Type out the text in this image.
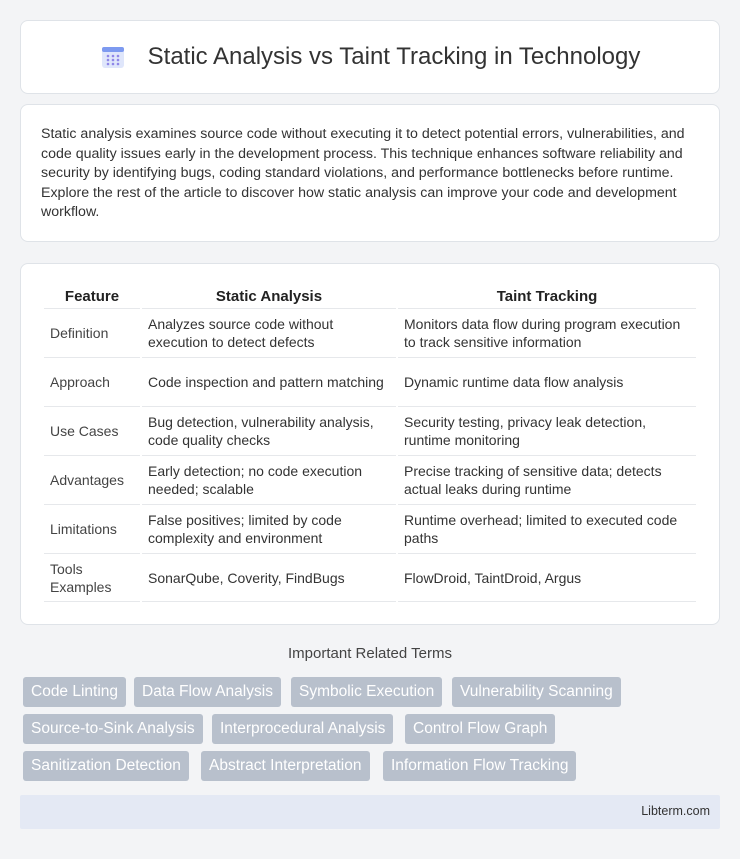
Static Analysis vs Taint Tracking in Technology

Static analysis examines source code without executing it to detect potential errors, vulnerabilities, and code quality issues early in the development process. This technique enhances software reliability and security by identifying bugs, coding standard violations, and performance bottlenecks before runtime. Explore the rest of the article to discover how static analysis can improve your code and development workflow.

Feature	Static Analysis	Taint Tracking
Definition	Analyzes source code without execution to detect defects	Monitors data flow during program execution to track sensitive information
Approach	Code inspection and pattern matching	Dynamic runtime data flow analysis
Use Cases	Bug detection, vulnerability analysis, code quality checks	Security testing, privacy leak detection, runtime monitoring
Advantages	Early detection; no code execution needed; scalable	Precise tracking of sensitive data; detects actual leaks during runtime
Limitations	False positives; limited by code complexity and environment	Runtime overhead; limited to executed code paths
Tools Examples	SonarQube, Coverity, FindBugs	FlowDroid, TaintDroid, Argus
Important Related Terms
Code Linting	Data Flow Analysis	Symbolic Execution	Vulnerability Scanning
Source-to-Sink Analysis	Interprocedural Analysis	Control Flow Graph
Sanitization Detection	Abstract Interpretation	Information Flow Tracking
Libterm.com
